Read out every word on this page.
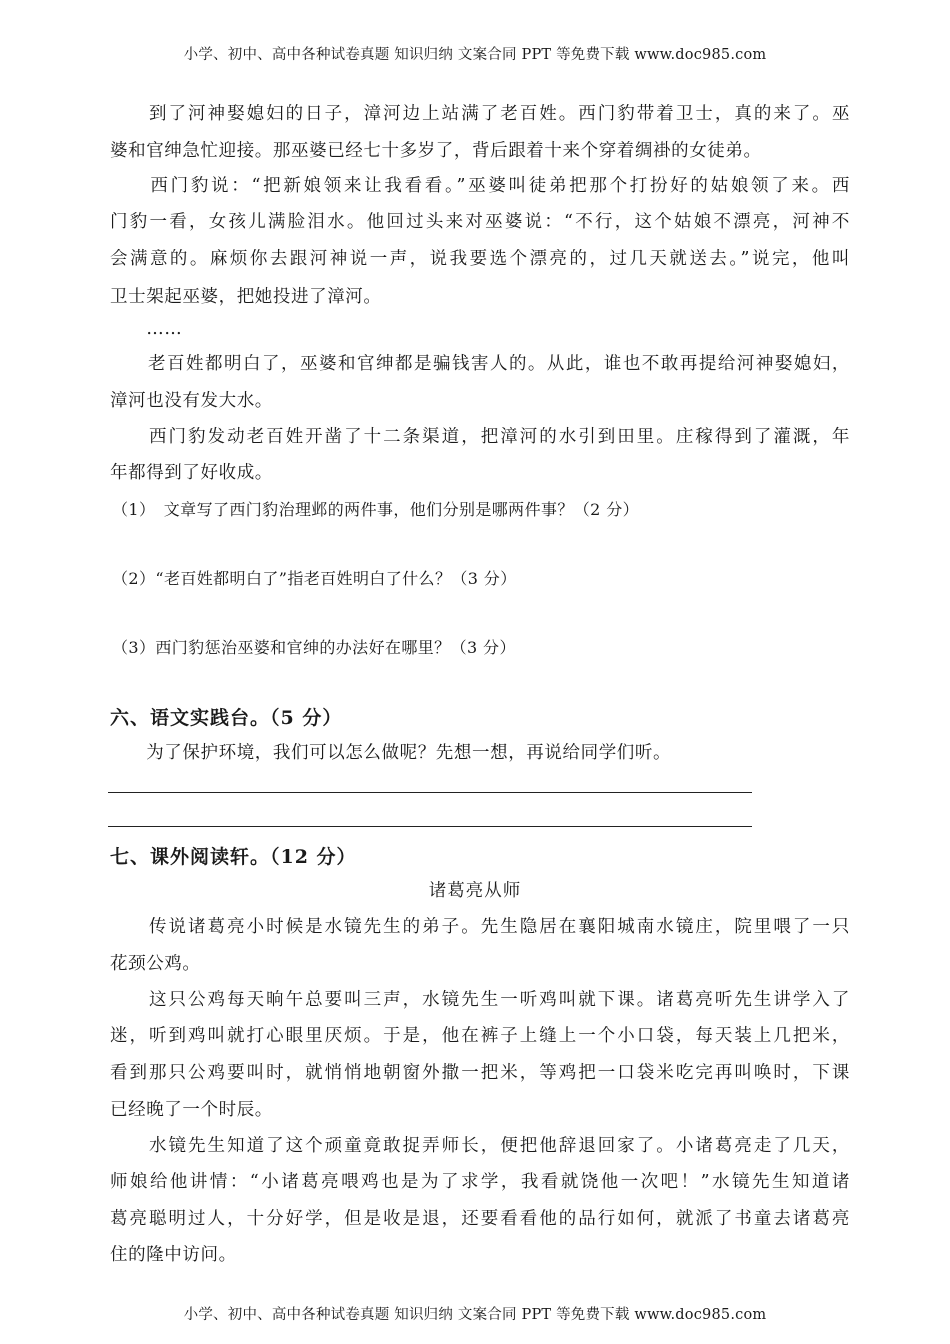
小学、初中、高中各种试卷真题 知识归纳 文案合同 PPT 等免费下载 www.doc985.com
　　到了河神娶媳妇的日子，漳河边上站满了老百姓。西门豹带着卫士，真的来了。巫
婆和官绅急忙迎接。那巫婆已经七十多岁了，背后跟着十来个穿着绸褂的女徒弟。
　　西门豹说：“把新娘领来让我看看。”巫婆叫徒弟把那个打扮好的姑娘领了来。西
门豹一看，女孩儿满脸泪水。他回过头来对巫婆说：“不行，这个姑娘不漂亮，河神不
会满意的。麻烦你去跟河神说一声，说我要选个漂亮的，过几天就送去。”说完，他叫
卫士架起巫婆，把她投进了漳河。
　　……
　　老百姓都明白了，巫婆和官绅都是骗钱害人的。从此，谁也不敢再提给河神娶媳妇，
漳河也没有发大水。
　　西门豹发动老百姓开凿了十二条渠道，把漳河的水引到田里。庄稼得到了灌溉，年
年都得到了好收成。
（1）　文章写了西门豹治理邺的两件事，他们分别是哪两件事？（2 分）
（2）“老百姓都明白了”指老百姓明白了什么？（3 分）
（3）西门豹惩治巫婆和官绅的办法好在哪里？（3 分）
六、语文实践台。（5 分）
　　为了保护环境，我们可以怎么做呢？先想一想，再说给同学们听。
七、课外阅读轩。（12 分）
诸葛亮从师
　　传说诸葛亮小时候是水镜先生的弟子。先生隐居在襄阳城南水镜庄，院里喂了一只
花颈公鸡。
　　这只公鸡每天晌午总要叫三声，水镜先生一听鸡叫就下课。诸葛亮听先生讲学入了
迷，听到鸡叫就打心眼里厌烦。于是，他在裤子上缝上一个小口袋，每天装上几把米，
看到那只公鸡要叫时，就悄悄地朝窗外撒一把米，等鸡把一口袋米吃完再叫唤时，下课
已经晚了一个时辰。
　　水镜先生知道了这个顽童竟敢捉弄师长，便把他辞退回家了。小诸葛亮走了几天，
师娘给他讲情：“小诸葛亮喂鸡也是为了求学，我看就饶他一次吧！”水镜先生知道诸
葛亮聪明过人，十分好学，但是收是退，还要看看他的品行如何，就派了书童去诸葛亮
住的隆中访问。
小学、初中、高中各种试卷真题 知识归纳 文案合同 PPT 等免费下载 www.doc985.com
